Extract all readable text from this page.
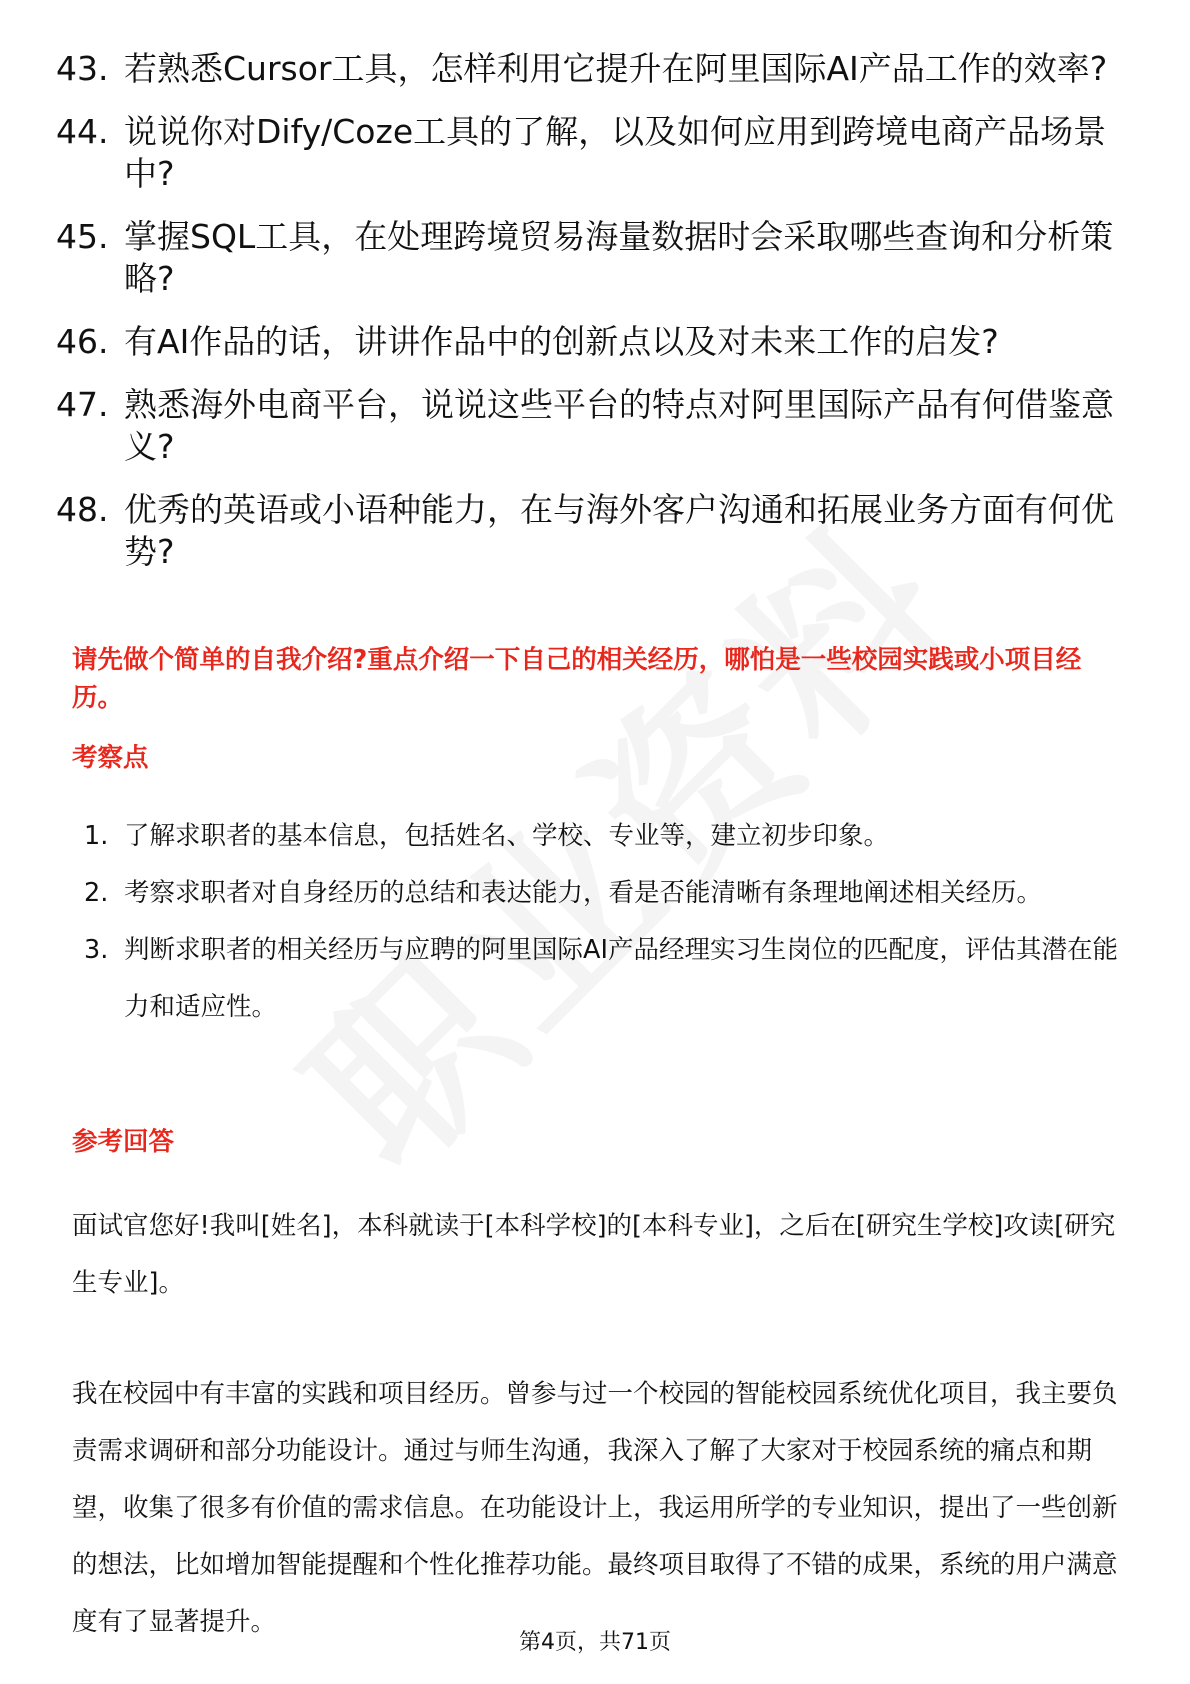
43. 若熟悉Cursor工具，怎样利用它提升在阿里国际AI产品工作的效率?
44. 说说你对Dify/Coze工具的了解，以及如何应用到跨境电商产品场景中?
45. 掌握SQL工具，在处理跨境贸易海量数据时会采取哪些查询和分析策略?
46. 有AI作品的话，讲讲作品中的创新点以及对未来工作的启发?
47. 熟悉海外电商平台，说说这些平台的特点对阿里国际产品有何借鉴意义?
48. 优秀的英语或小语种能力，在与海外客户沟通和拓展业务方面有何优势?

请先做个简单的自我介绍?重点介绍一下自己的相关经历，哪怕是一些校园实践或小项目经历。

考察点

1. 了解求职者的基本信息，包括姓名、学校、专业等，建立初步印象。
2. 考察求职者对自身经历的总结和表达能力，看是否能清晰有条理地阐述相关经历。
3. 判断求职者的相关经历与应聘的阿里国际AI产品经理实习生岗位的匹配度，评估其潜在能力和适应性。

参考回答

面试官您好!我叫[姓名]，本科就读于[本科学校]的[本科专业]，之后在[研究生学校]攻读[研究生专业]。

我在校园中有丰富的实践和项目经历。曾参与过一个校园的智能校园系统优化项目，我主要负责需求调研和部分功能设计。通过与师生沟通，我深入了解了大家对于校园系统的痛点和期望，收集了很多有价值的需求信息。在功能设计上，我运用所学的专业知识，提出了一些创新的想法，比如增加智能提醒和个性化推荐功能。最终项目取得了不错的成果，系统的用户满意度有了显著提升。

第4页，共71页
